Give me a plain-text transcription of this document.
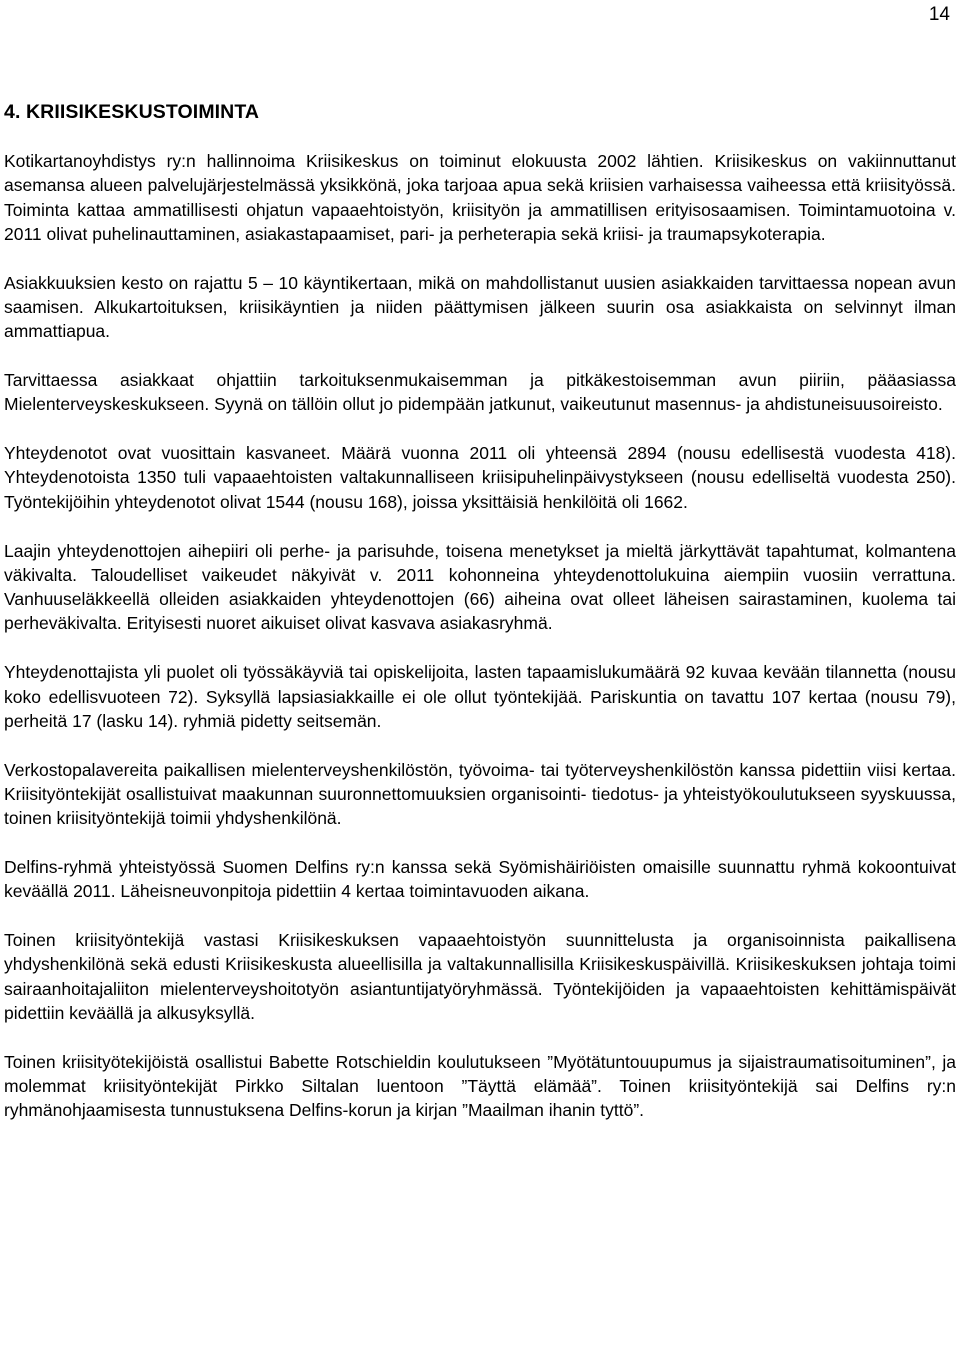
14
4. KRIISIKESKUSTOIMINTA

Kotikartanoyhdistys ry:n hallinnoima Kriisikeskus on toiminut elokuusta 2002 lähtien. Kriisikeskus on vakiinnuttanut asemansa alueen palvelujärjestelmässä yksikkönä, joka tarjoaa apua sekä kriisien varhaisessa vaiheessa että kriisityössä. Toiminta kattaa ammatillisesti ohjatun vapaaehtoistyön, kriisityön ja ammatillisen erityisosaamisen. Toimintamuotoina v. 2011 olivat puhelinauttaminen, asiakastapaamiset, pari- ja perheterapia sekä kriisi- ja traumapsykoterapia.

Asiakkuuksien kesto on rajattu 5 – 10 käyntikertaan, mikä on mahdollistanut uusien asiakkaiden tarvittaessa nopean avun saamisen. Alkukartoituksen, kriisikäyntien ja niiden päättymisen jälkeen suurin osa asiakkaista on selvinnyt ilman ammattiapua.

Tarvittaessa asiakkaat ohjattiin tarkoituksenmukaisemman ja pitkäkestoisemman avun piiriin, pääasiassa Mielenterveyskeskukseen. Syynä on tällöin ollut jo pidempään jatkunut, vaikeutunut masennus- ja ahdistuneisuusoireisto.

Yhteydenotot ovat vuosittain kasvaneet. Määrä vuonna 2011 oli yhteensä 2894 (nousu edellisestä vuodesta 418). Yhteydenotoista 1350 tuli vapaaehtoisten valtakunnalliseen kriisipuhelinpäivystykseen (nousu edelliseltä vuodesta 250). Työntekijöihin yhteydenotot olivat 1544 (nousu 168), joissa yksittäisiä henkilöitä oli 1662.

Laajin yhteydenottojen aihepiiri oli perhe- ja parisuhde, toisena menetykset ja mieltä järkyttävät tapahtumat, kolmantena väkivalta. Taloudelliset vaikeudet näkyivät v. 2011 kohonneina yhteydenottolukuina aiempiin vuosiin verrattuna. Vanhuuseläkkeellä olleiden asiakkaiden yhteydenottojen (66) aiheina ovat olleet läheisen sairastaminen, kuolema tai perheväkivalta. Erityisesti nuoret aikuiset olivat kasvava asiakasryhmä.

Yhteydenottajista yli puolet oli työssäkäyviä tai opiskelijoita, lasten tapaamislukumäärä 92 kuvaa kevään tilannetta (nousu koko edellisvuoteen 72). Syksyllä lapsiasiakkaille ei ole ollut työntekijää. Pariskuntia on tavattu 107 kertaa (nousu 79), perheitä 17 (lasku 14). ryhmiä pidetty seitsemän.

Verkostopalavereita paikallisen mielenterveyshenkilöstön, työvoima- tai työterveyshenkilöstön kanssa pidettiin viisi kertaa. Kriisityöntekijät osallistuivat maakunnan suuronnettomuuksien organisointi- tiedotus- ja yhteistyökoulutukseen syyskuussa, toinen kriisityöntekijä toimii yhdyshenkilönä.

Delfins-ryhmä yhteistyössä Suomen Delfins ry:n kanssa sekä Syömishäiriöisten omaisille suunnattu ryhmä kokoontuivat keväällä 2011. Läheisneuvonpitoja pidettiin 4 kertaa toimintavuoden aikana.

Toinen kriisityöntekijä vastasi Kriisikeskuksen vapaaehtoistyön suunnittelusta ja organisoinnista paikallisena yhdyshenkilönä sekä edusti Kriisikeskusta alueellisilla ja valtakunnallisilla Kriisikeskuspäivillä. Kriisikeskuksen johtaja toimi sairaanhoitajaliiton mielenterveyshoitotyön asiantuntijatyöryhmässä. Työntekijöiden ja vapaaehtoisten kehittämispäivät pidettiin keväällä ja alkusyksyllä.

Toinen kriisityötekijöistä osallistui Babette Rotschieldin koulutukseen ”Myötätuntouupumus ja sijaistraumatisoituminen”, ja molemmat kriisityöntekijät Pirkko Siltalan luentoon ”Täyttä elämää”. Toinen kriisityöntekijä sai Delfins ry:n ryhmänohjaamisesta tunnustuksena Delfins-korun ja kirjan ”Maailman ihanin tyttö”.
